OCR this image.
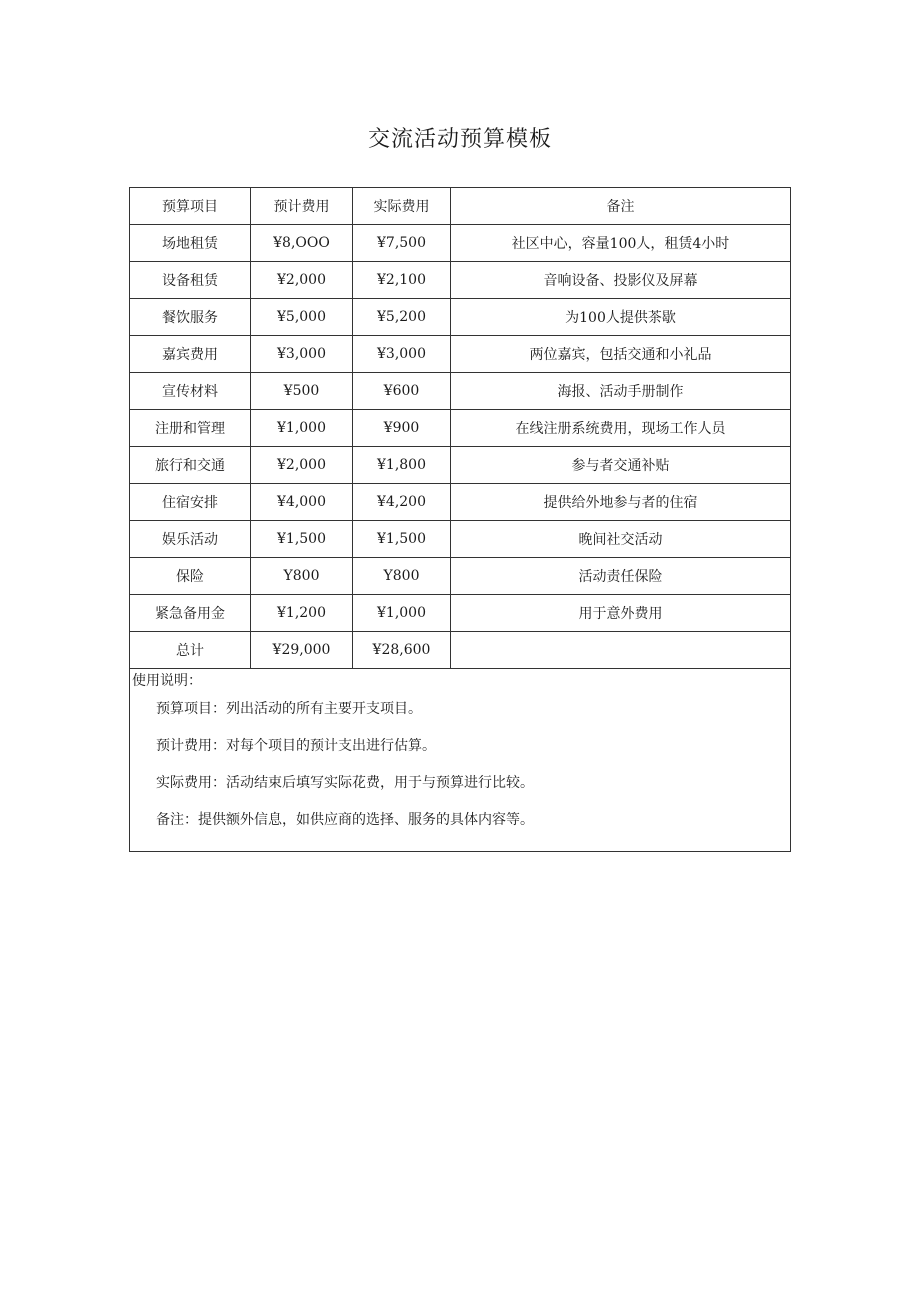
交流活动预算模板
预算项目	预计费用	实际费用	备注
场地租赁	¥8,OOO	¥7,500	社区中心，容量100人，租赁4小时
设备租赁	¥2,000	¥2,100	音响设备、投影仪及屏幕
餐饮服务	¥5,000	¥5,200	为100人提供茶歇
嘉宾费用	¥3,000	¥3,000	两位嘉宾，包括交通和小礼品
宣传材料	¥500	¥600	海报、活动手册制作
注册和管理	¥1,000	¥900	在线注册系统费用，现场工作人员
旅行和交通	¥2,000	¥1,800	参与者交通补贴
住宿安排	¥4,000	¥4,200	提供给外地参与者的住宿
娱乐活动	¥1,500	¥1,500	晚间社交活动
保险	Y800	Y800	活动责任保险
紧急备用金	¥1,200	¥1,000	用于意外费用
总计	¥29,000	¥28,600	

使用说明：
预算项目：列出活动的所有主要开支项目。
预计费用：对每个项目的预计支出进行估算。
实际费用：活动结束后填写实际花费，用于与预算进行比较。
备注：提供额外信息，如供应商的选择、服务的具体内容等。			
